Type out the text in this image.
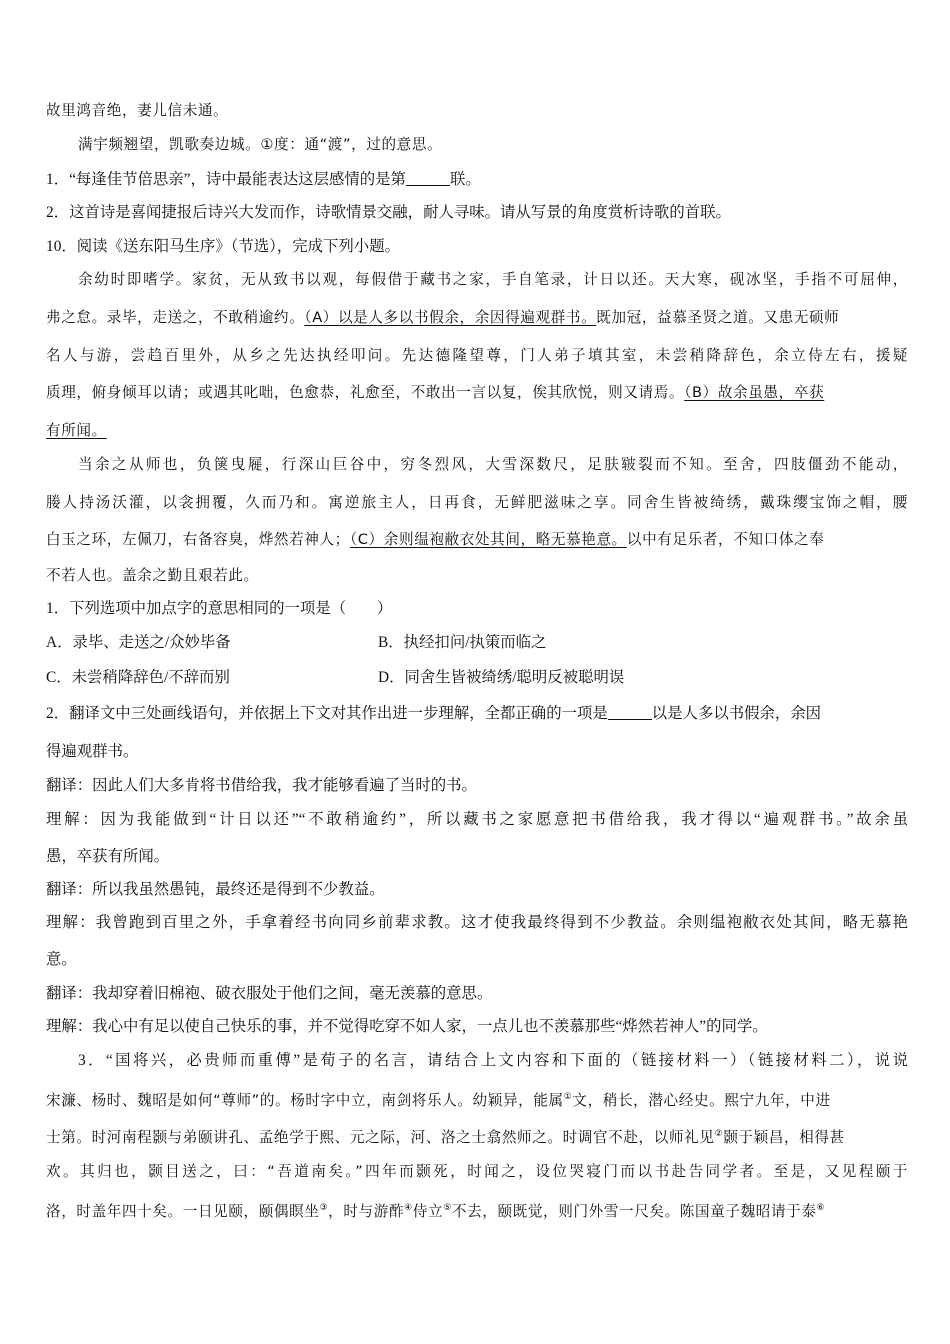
故里鸿音绝，妻儿信未通。
满宇频翘望，凯歌奏边城。①度：通“渡”，过的意思。
1．“每逢佳节倍思亲”，诗中最能表达这层感情的是第	联。
2．这首诗是喜闻捷报后诗兴大发而作，诗歌情景交融，耐人寻味。请从写景的角度赏析诗歌的首联。
10．阅读《送东阳马生序》（节选），完成下列小题。
余幼时即嗜学。家贫，无从致书以观，每假借于藏书之家，手自笔录，计日以还。天大寒，砚冰坚，手指不可屈伸，
弗之怠。录毕，走送之，不敢稍逾约。（A）以是人多以书假余，余因得遍观群书。既加冠，益慕圣贤之道。又患无硕师
名人与游，尝趋百里外，从乡之先达执经叩问。先达德隆望尊，门人弟子填其室，未尝稍降辞色，余立侍左右，援疑
质理，俯身倾耳以请；或遇其叱咄，色愈恭，礼愈至，不敢出一言以复，俟其欣悦，则又请焉。（B）故余虽愚，卒获
有所闻。
当余之从师也，负箧曳屣，行深山巨谷中，穷冬烈风，大雪深数尺，足肤皲裂而不知。至舍，四肢僵劲不能动，
媵人持汤沃灌，以衾拥覆，久而乃和。寓逆旅主人，日再食，无鲜肥滋味之享。同舍生皆被绮绣，戴珠缨宝饰之帽，腰
白玉之环，左佩刀，右备容臭，烨然若神人；（C）余则缊袍敝衣处其间，略无慕艳意。以中有足乐者，不知口体之奉
不若人也。盖余之勤且艰若此。
1．下列选项中加点字的意思相同的一项是（　　）
A．录毕、走送之/众妙毕备	B．执经扣问/执策而临之
C．未尝稍降辞色/不辞而别	D．同舍生皆被绮绣/聪明反被聪明误
2．翻译文中三处画线语句，并依据上下文对其作出进一步理解，全都正确的一项是	以是人多以书假余，余因
得遍观群书。
翻译：因此人们大多肯将书借给我，我才能够看遍了当时的书。
理解：因为我能做到“计日以还”“不敢稍逾约”，所以藏书之家愿意把书借给我，我才得以“遍观群书。”故余虽
愚，卒获有所闻。
翻译：所以我虽然愚钝，最终还是得到不少教益。
理解：我曾跑到百里之外，手拿着经书向同乡前辈求教。这才使我最终得到不少教益。余则缊袍敝衣处其间，略无慕艳
意。
翻译：我却穿着旧棉袍、破衣服处于他们之间，毫无羡慕的意思。
理解：我心中有足以使自己快乐的事，并不觉得吃穿不如人家，一点儿也不羡慕那些“烨然若神人”的同学。
3．“国将兴，必贵师而重傅”是荀子的名言，请结合上文内容和下面的（链接材料一）（链接材料二），说说
宋濂、杨时、魏昭是如何“尊师”的。杨时字中立，南剑将乐人。幼颖异，能属①文，稍长，潜心经史。熙宁九年，中进
士第。时河南程颢与弟颐讲孔、孟绝学于熙、元之际，河、洛之士翕然师之。时调官不赴，以师礼见②颢于颖昌，相得甚
欢。其归也，颢目送之，曰：“吾道南矣。”四年而颢死，时闻之，设位哭寝门而以书赴告同学者。至是，又见程颐于
洛，时盖年四十矣。一日见颐，颐偶瞑坐③，时与游酢④侍立⑤不去，颐既觉，则门外雪一尺矣。陈国童子魏昭请于泰⑥
